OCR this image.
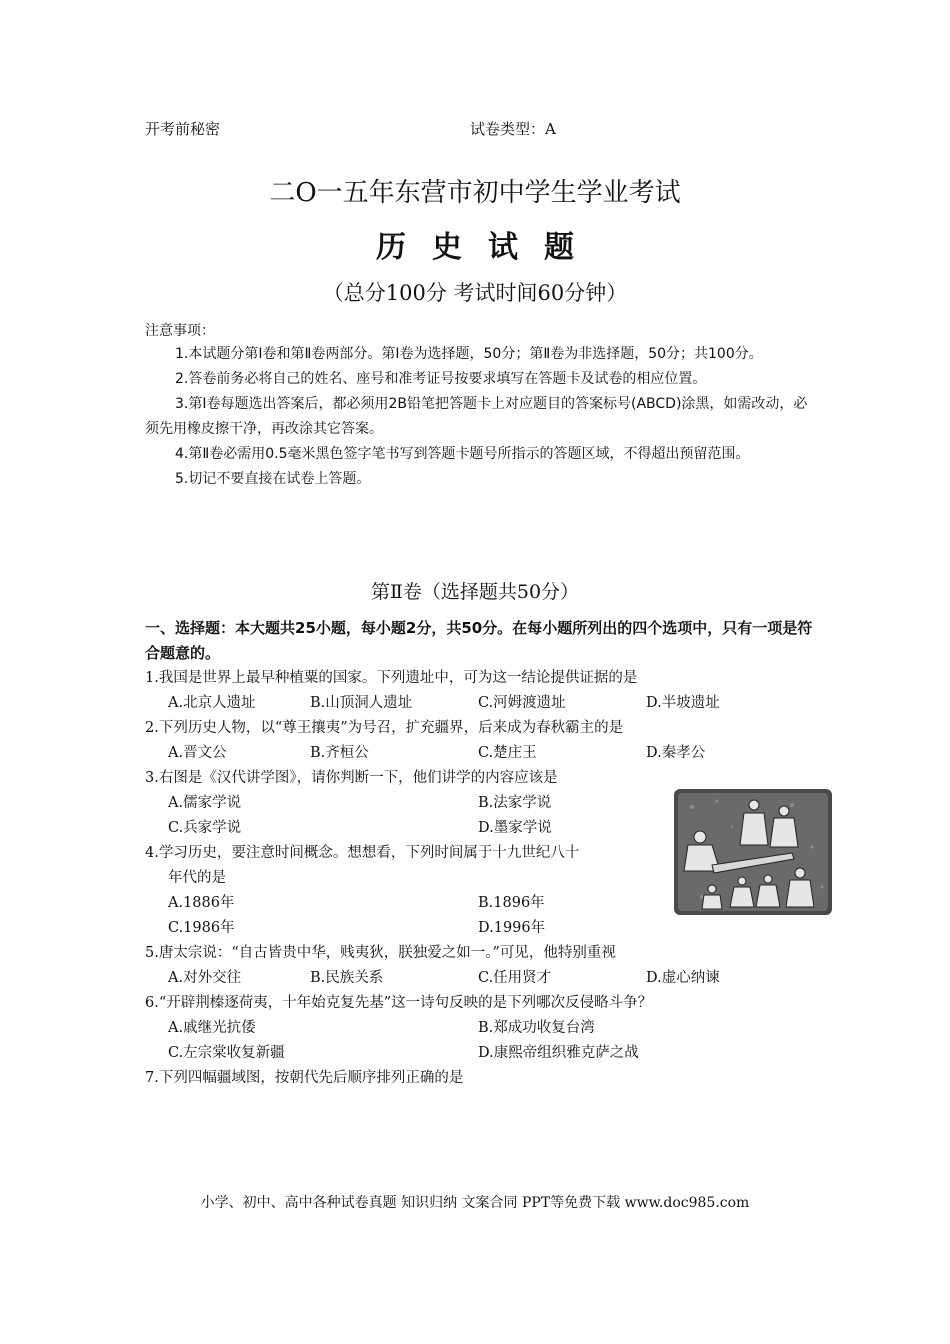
开考前秘密	试卷类型：A
二O一五年东营市初中学生学业考试
历史试题
（总分100分 考试时间60分钟）
注意事项：

1.本试题分第Ⅰ卷和第Ⅱ卷两部分。第Ⅰ卷为选择题，50分；第Ⅱ卷为非选择题，50分；共100分。

2.答卷前务必将自己的姓名、座号和准考证号按要求填写在答题卡及试卷的相应位置。

3.第Ⅰ卷每题选出答案后，都必须用2B铅笔把答题卡上对应题目的答案标号(ABCD)涂黑，如需改动，必须先用橡皮擦干净，再改涂其它答案。

4.第Ⅱ卷必需用0.5毫米黑色签字笔书写到答题卡题号所指示的答题区域，不得超出预留范围。

5.切记不要直接在试卷上答题。

第Ⅱ卷（选择题共50分）
一、选择题：本大题共25小题，每小题2分，共50分。在每小题所列出的四个选项中，只有一项是符合题意的。
1.我国是世界上最早种植粟的国家。下列遗址中，可为这一结论提供证据的是
A.北京人遗址	B.山顶洞人遗址	C.河姆渡遗址	D.半坡遗址
2.下列历史人物，以“尊王攘夷”为号召，扩充疆界，后来成为春秋霸主的是
A.晋文公	B.齐桓公	C.楚庄王	D.秦孝公
3.右图是《汉代讲学图》，请你判断一下，他们讲学的内容应该是
A.儒家学说	B.法家学说
C.兵家学说	D.墨家学说
4.学习历史，要注意时间概念。想想看，下列时间属于十九世纪八十
年代的是
A.1886年	B.1896年
C.1986年	D.1996年
5.唐太宗说：“自古皆贵中华，贱夷狄，朕独爱之如一。”可见，他特别重视
A.对外交往	B.民族关系	C.任用贤才	D.虚心纳谏
6.“开辟荆榛逐荷夷，十年始克复先基”这一诗句反映的是下列哪次反侵略斗争？
A.戚继光抗倭	B.郑成功收复台湾
C.左宗棠收复新疆	D.康熙帝组织雅克萨之战
7.下列四幅疆域图，按朝代先后顺序排列正确的是
小学、初中、高中各种试卷真题 知识归纳 文案合同 PPT等免费下载 www.doc985.com
